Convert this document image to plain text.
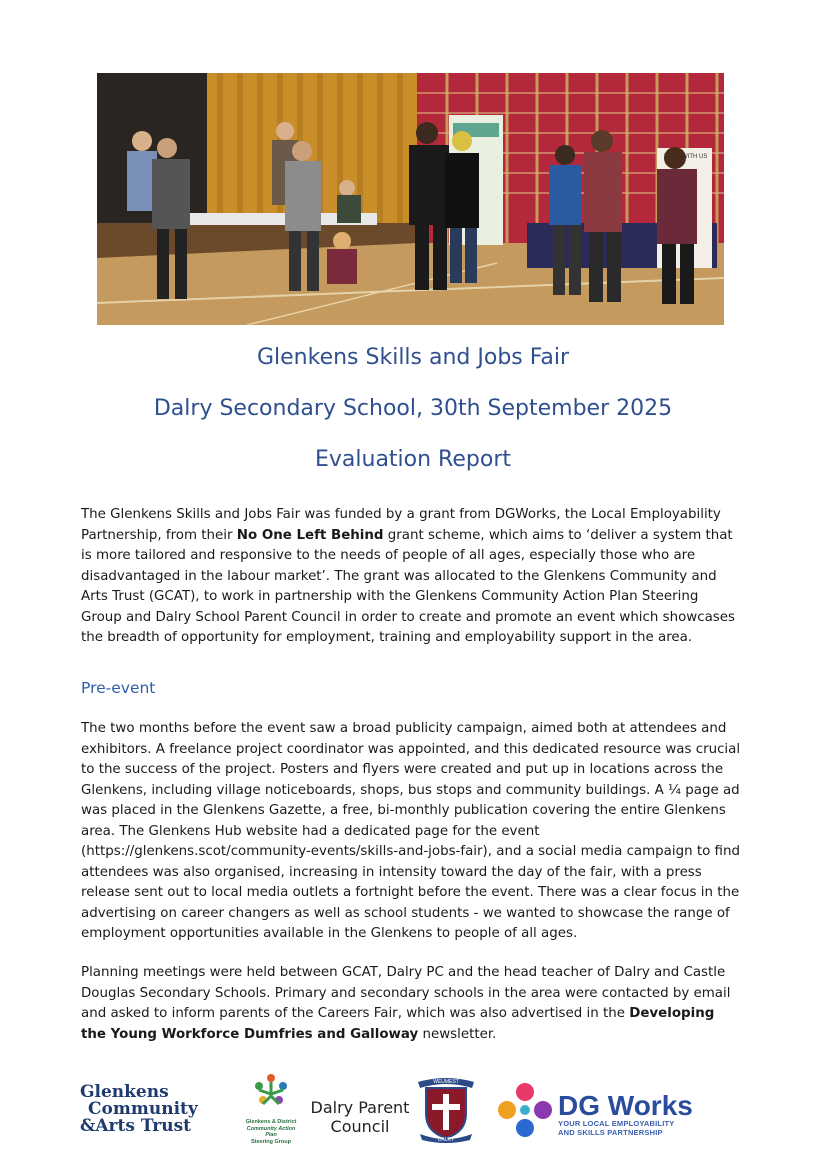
VOTE WITH US
Glenkens Skills and Jobs Fair
Dalry Secondary School, 30th September 2025
Evaluation Report

The Glenkens Skills and Jobs Fair was funded by a grant from DGWorks, the Local Employability Partnership, from their No One Left Behind grant scheme, which aims to ‘deliver a system that is more tailored and responsive to the needs of people of all ages, especially those who are disadvantaged in the labour market’. The grant was allocated to the Glenkens Community and Arts Trust (GCAT), to work in partnership with the Glenkens Community Action Plan Steering Group and Dalry School Parent Council in order to create and promote an event which showcases the breadth of opportunity for employment, training and employability support in the area.

Pre-event

The two months before the event saw a broad publicity campaign, aimed both at attendees and exhibitors. A freelance project coordinator was appointed, and this dedicated resource was crucial to the success of the project. Posters and flyers were created and put up in locations across the Glenkens, including village noticeboards, shops, bus stops and community buildings. A ¼ page ad was placed in the Glenkens Gazette, a free, bi-monthly publication covering the entire Glenkens area. The Glenkens Hub website had a dedicated page for the event (https://glenkens.scot/community-events/skills-and-jobs-fair), and a social media campaign to find attendees was also organised, increasing in intensity toward the day of the fair, with a press release sent out to local media outlets a fortnight before the event. There was a clear focus in the advertising on career changers as well as school students - we wanted to showcase the range of employment opportunities available in the Glenkens to people of all ages.

Planning meetings were held between GCAT, Dalry PC and the head teacher of Dalry and Castle Douglas Secondary Schools. Primary and secondary schools in the area were contacted by email and asked to inform parents of the Careers Fair, which was also advertised in the Developing the Young Workforce Dumfries and Galloway newsletter.

Glenkens
Community
&Arts Trust	Glenkens & District
Community Action Plan
Steering Group
Dalry Parent
Council
WEUMEST
DALRY
DG Works
YOUR LOCAL EMPLOYABILITY
AND SKILLS PARTNERSHIP
